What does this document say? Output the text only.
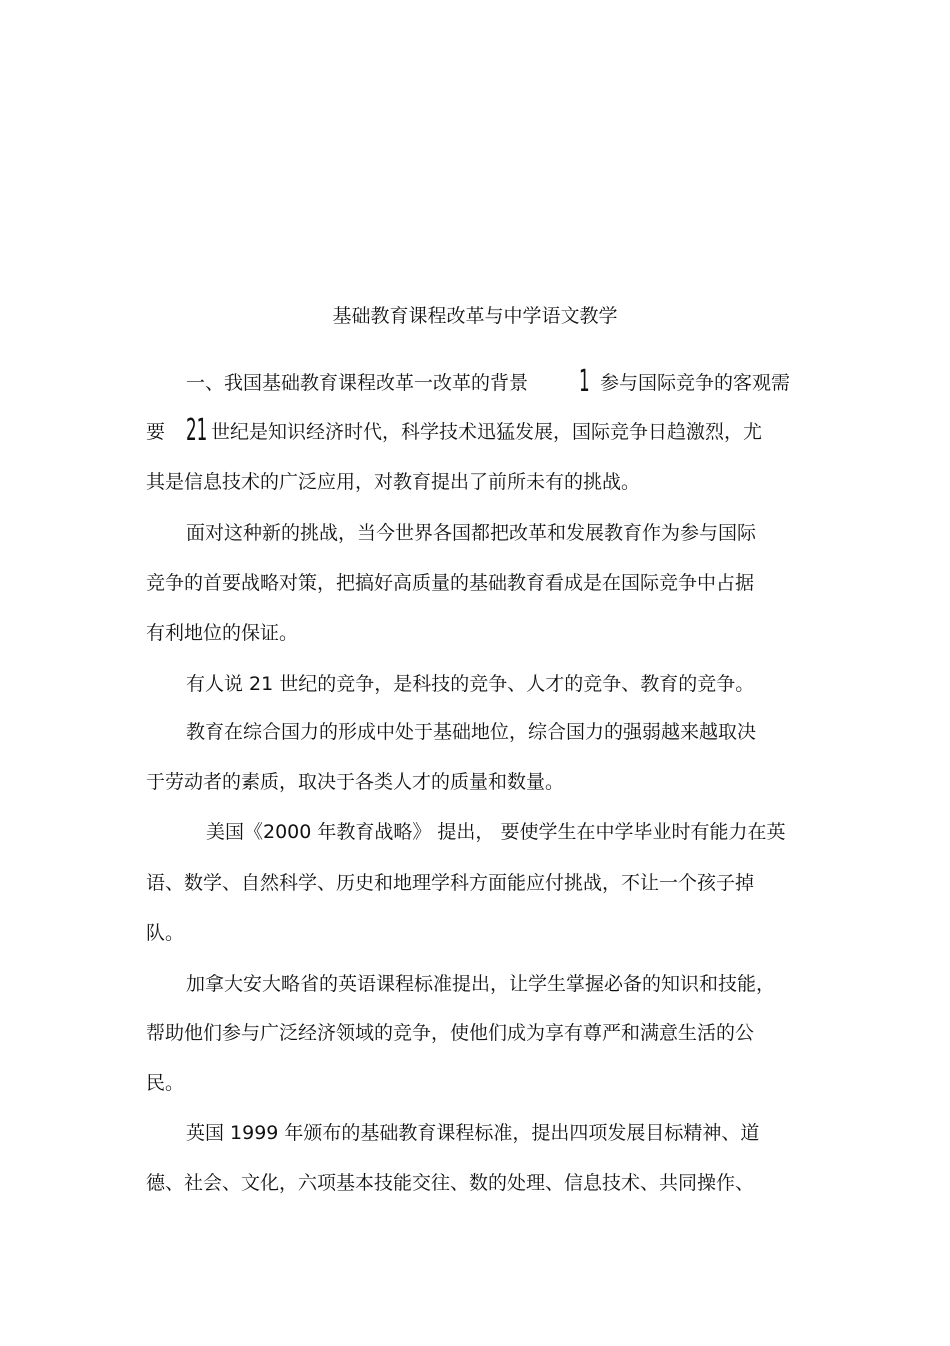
基础教育课程改革与中学语文教学
一、我国基础教育课程改革一改革的背景 1 参与国际竞争的客观需
要 21 世纪是知识经济时代，科学技术迅猛发展，国际竞争日趋激烈，尤
其是信息技术的广泛应用，对教育提出了前所未有的挑战。
面对这种新的挑战，当今世界各国都把改革和发展教育作为参与国际
竞争的首要战略对策，把搞好高质量的基础教育看成是在国际竞争中占据
有利地位的保证。
有人说 21 世纪的竞争，是科技的竞争、人才的竞争、教育的竞争。
教育在综合国力的形成中处于基础地位，综合国力的强弱越来越取决
于劳动者的素质，取决于各类人才的质量和数量。
美国《2000 年教育战略》 提出， 要使学生在中学毕业时有能力在英
语、数学、自然科学、历史和地理学科方面能应付挑战，不让一个孩子掉
队。
加拿大安大略省的英语课程标准提出，让学生掌握必备的知识和技能，
帮助他们参与广泛经济领域的竞争，使他们成为享有尊严和满意生活的公
民。
英国 1999 年颁布的基础教育课程标准，提出四项发展目标精神、道
德、社会、文化，六项基本技能交往、数的处理、信息技术、共同操作、
